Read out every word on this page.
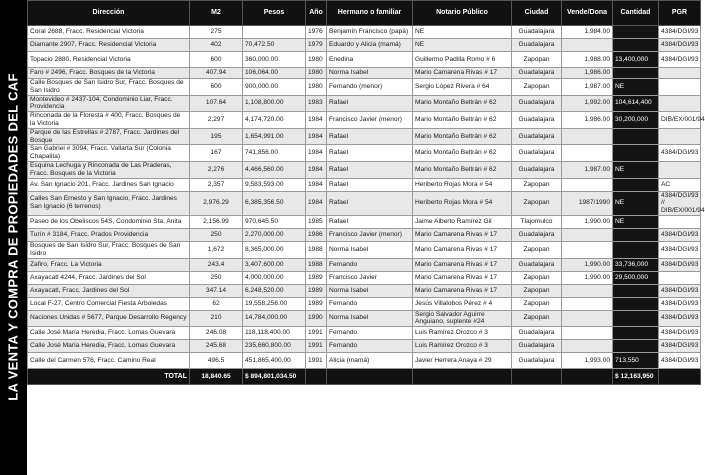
LA VENTA Y COMPRA DE PROPIEDADES DEL CAF
Dirección	M2	Pesos	Año	Hermano o familiar	Notario Público	Ciudad	Vende/Dona	Cantidad	PGR
Coral 2688, Fracc. Residencial Victoria	275		1976	Benjamín Francisco (papá)	NE	Guadalajara	1,984.00		4384/DGI/93
Diamante 2907, Fracc. Residencial Victoria	402	70,472.50	1979	Eduardo y Alicia (mamá)	NE	Guadalajara			4384/DGI/93
Topacio 2880, Residencial Victoria	600	360,000.00	1980	Enedina	Guillermo Padilla Romo # 6	Zapopan	1,988.00	13,400,000	4384/DGI/93
Faro # 2496, Fracc. Bosques de la Victoria	407.94	106,064.00	1980	Norma Isabel	Mario Camarena Rivas # 17	Guadalajara	1,986.00		
Calle Bosques de San Isidro Sur, Fracc. Bosques de San Isidro	600	900,000.00	1980	Fernando (menor)	Sergio López Rivera # 64	Zapopan	1,987.00	NE	
Montevideo # 2437-104, Condominio Liar, Fracc. Providencia	107.64	1,108,800.00	1983	Rafael	Mario Montaño Beltrán # 62	Guadalajara	1,992.00	104,614,400	
Rinconada de la Floresta # 400, Fracc. Bosques de la Victoria	2,297	4,174,720.00	1984	Francisco Javier (menor)	Mario Montaño Beltrán # 62	Guadalajara	1,986.00	30,200,000	DIB/EX/001/94
Parque de las Estrellas # 2787, Fracc. Jardines del Bosque	195	1,654,991.00	1984	Rafael	Mario Montaño Beltrán # 62	Guadalajara			
San Gabriel # 3094, Fracc. Vallarta Sur (Colonia Chapalita)	167	741,856.00	1984	Rafael	Mario Montaño Beltrán # 62	Guadalajara			4384/DGI/93
Esquina Lechuga y Rinconada de Las Praderas, Fracc. Bosques de la Victoria	2,276	4,466,560.00	1984	Rafael	Mario Montaño Beltrán # 62	Guadalajara	1,987.00	NE	
Av. San Ignacio 201, Fracc. Jardines San Ignacio	2,357	9,583,593.00	1984	Rafael	Heriberto Rojas Mora # 54	Zapopan			AC
Calles San Ernesto y San Ignacio, Fracc. Jardines San Ignacio (6 terrenos)	2,976.29	6,385,356.50	1984	Rafael	Heriberto Rojas Mora # 54	Zapopan	1987/1990	NE	4384/DGI/93 // DIB/EX/001/94
Paseo de los Obeliscos 54S, Condominio Sta. Anita	2,156.99	970,645.50	1985	Rafael	Jaime Alberto Ramírez Gil	Tlajomulco	1,990.00	NE	
Turín # 3184, Fracc. Prados Providencia	250	2,270,000.00	1986	Francisco Javier (menor)	Mario Camarena Rivas # 17	Guadalajara			4384/DGI/93
Bosques de San Isidro Sur, Fracc. Bosques de San Isidro	1,672	8,365,000.00	1988	Norma Isabel	Mario Camarena Rivas # 17	Zapopan			4384/DGI/93
Zafiro, Fracc. La Victoria	243.4	3,407,600.00	1988	Fernando	Mario Camarena Rivas # 17	Guadalajara	1,990.00	33,736,000	4384/DGI/93
Axayacatl 4244, Fracc. Jardines del Sol	250	4,000,000.00	1989	Francisco Javier	Mario Camarena Rivas # 17	Zapopan	1,990.00	29,500,000	
Axayacatl, Fracc. Jardines del Sol	347.14	6,248,520.00	1989	Norma Isabel	Mario Camarena Rivas # 17	Zapopan			4384/DGI/93
Local F-27, Centro Comercial Fiesta Arboledas	62	19,558,256.00	1989	Fernando	Jesús Villalobos Pérez # 4	Zapopan			4384/DGI/93
Naciones Unidas # 5677, Parque Desarrollo Regency	210	14,784,000.00	1990	Norma Isabel	Sergio Salvador Aguirre Anguiano, suplente #24	Zapopan			4384/DGI/93
Calle José María Heredia, Fracc. Lomas Guevara	246.08	118,118,400.00	1991	Fernando	Luis Ramírez Orozco # 3	Guadalajara			4384/DGI/93
Calle José María Heredia, Fracc. Lomas Guevara	245.68	235,660,800.00	1991	Fernando	Luis Ramírez Orozco # 3	Guadalajara			4384/DGI/93
Calle del Carmen 576, Fracc. Camino Real	496.5	451,865,400.00	1991	Alicia (mamá)	Javier Herrera Anaya # 29	Guadalajara	1,993.00	713,550	4384/DGI/93
TOTAL	18,840.65	$ 894,801,034.50						$ 12,163,950	
